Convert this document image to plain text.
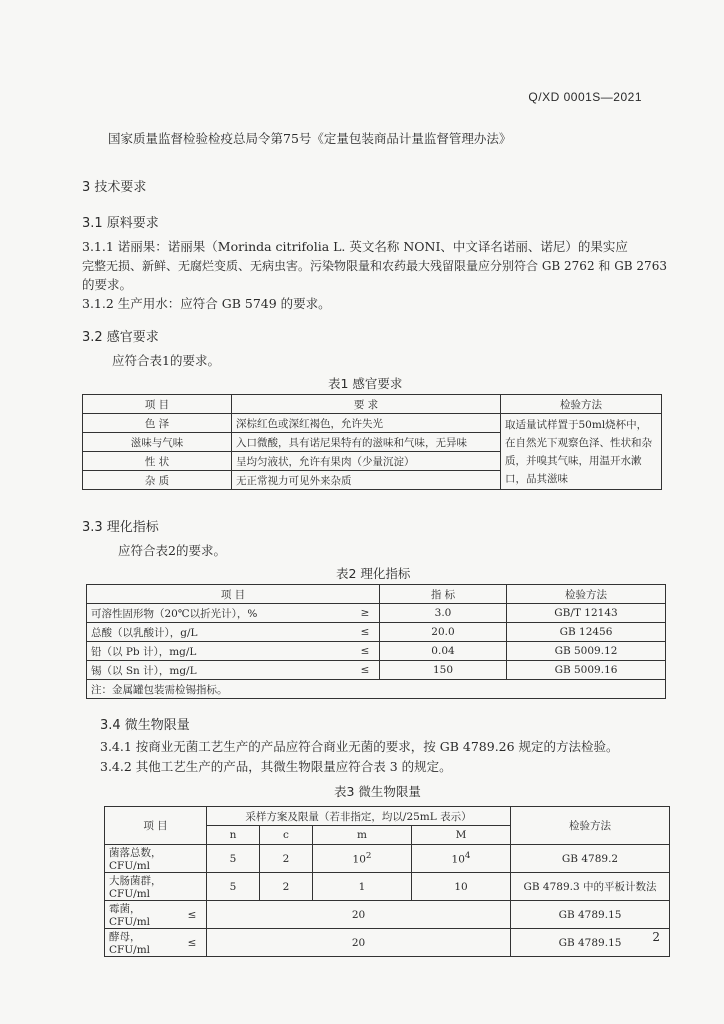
Q/XD 0001S—2021
国家质量监督检验检疫总局令第75号《定量包装商品计量监督管理办法》
3 技术要求
3.1 原料要求
3.1.1 诺丽果：诺丽果（Morinda citrifolia L. 英文名称 NONI、中文译名诺丽、诺尼）的果实应
完整无损、新鲜、无腐烂变质、无病虫害。污染物限量和农药最大残留限量应分别符合 GB 2762 和 GB 2763
的要求。
3.1.2 生产用水：应符合 GB 5749 的要求。
3.2 感官要求
应符合表1的要求。
表1 感官要求
项 目	要 求	检验方法
色 泽	深棕红色或深红褐色，允许失光	取适量试样置于50ml烧杯中，在自然光下观察色泽、性状和杂质，并嗅其气味，用温开水漱口，品其滋味
滋味与气味	入口微酸，具有诺尼果特有的滋味和气味，无异味	
性 状	呈均匀液状，允许有果肉（少量沉淀）	
杂 质	无正常视力可见外来杂质	
3.3 理化指标
应符合表2的要求。
表2 理化指标
项 目		指 标	检验方法
可溶性固形物（20℃以折光计），%	≥	3.0	GB/T 12143
总酸（以乳酸计），g/L	≤	20.0	GB 12456
铅（以 Pb 计），mg/L	≤	0.04	GB 5009.12
锡（以 Sn 计），mg/L	≤	150	GB 5009.16
注：金属罐包装需检锡指标。			
3.4 微生物限量
3.4.1 按商业无菌工艺生产的产品应符合商业无菌的要求，按 GB 4789.26 规定的方法检验。
3.4.2 其他工艺生产的产品，其微生物限量应符合表 3 的规定。
表3 微生物限量
项 目		采样方案及限量（若非指定，均以/25mL 表示）				检验方法
		n	c	m	M	
菌落总数，CFU/ml		5	2	$10^2$	$10^4$	GB 4789.2
大肠菌群，CFU/ml		5	2	1	10	GB 4789.3 中的平板计数法
霉菌，CFU/ml	≤	20				GB 4789.15
酵母，CFU/ml	≤	20				GB 4789.15	2
